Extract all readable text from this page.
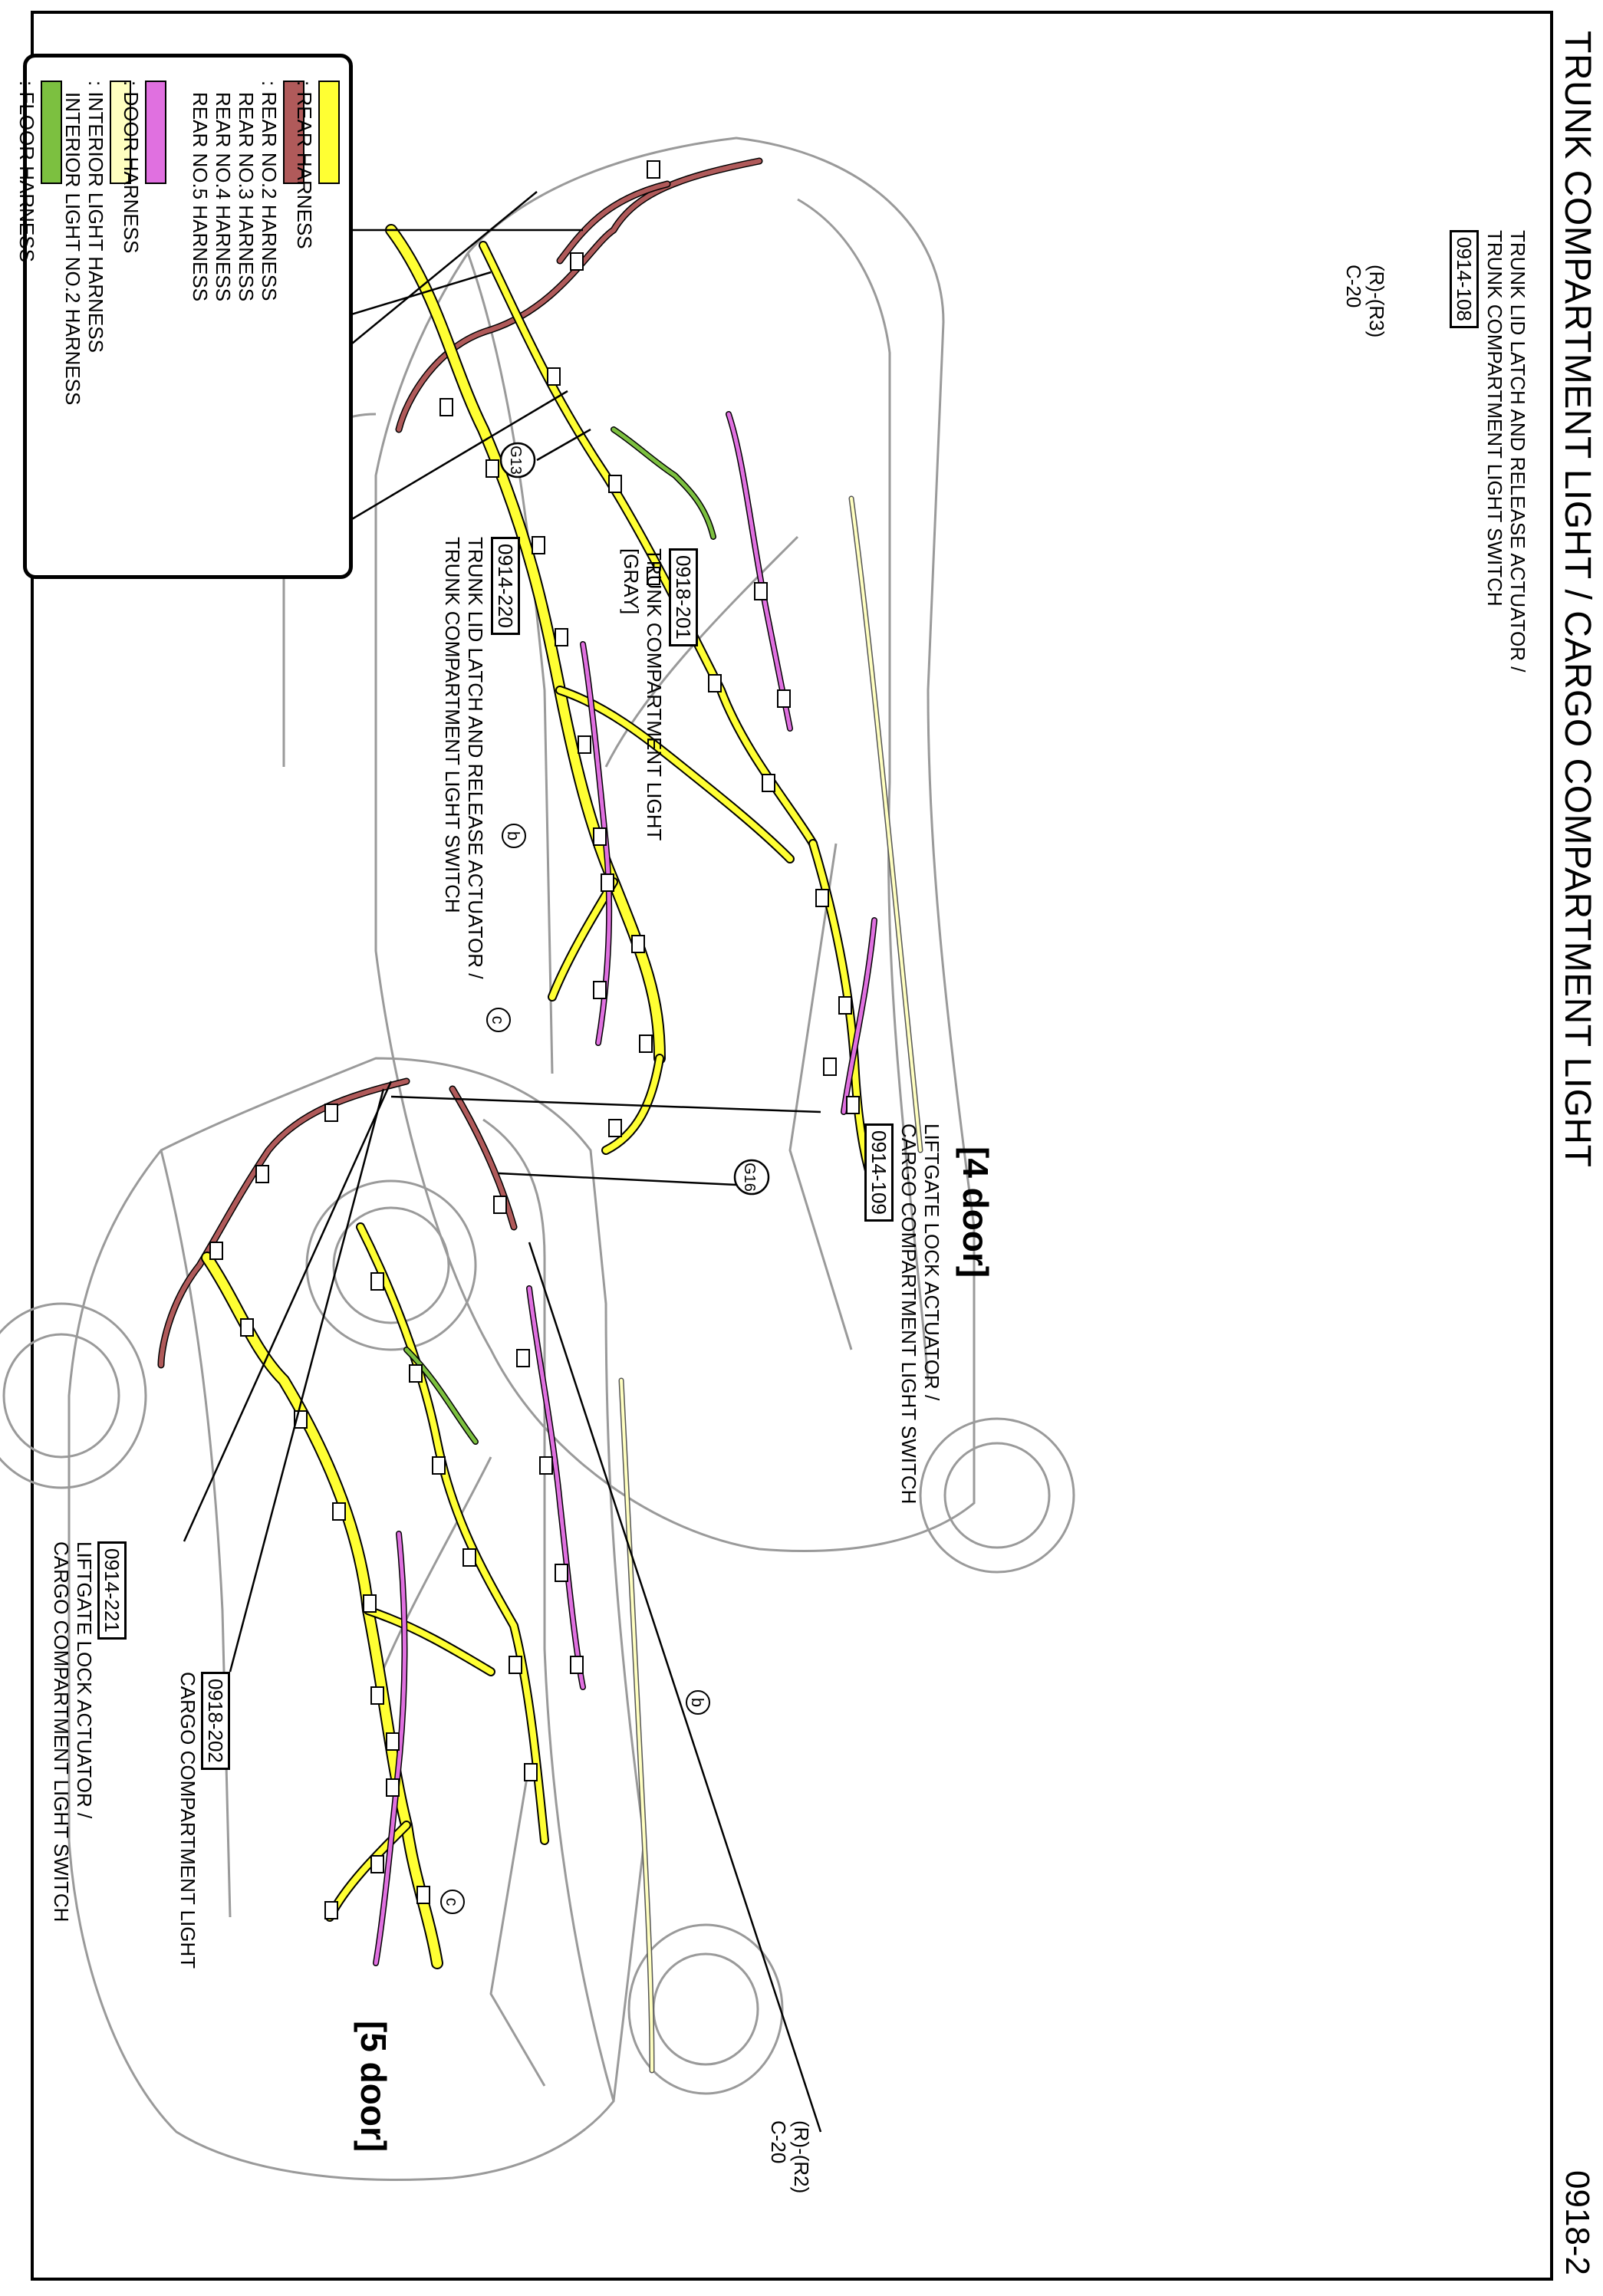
G13
b
c
G16
b
c
TRUNK COMPARTMENT LIGHT / CARGO COMPARTMENT LIGHT
0918-2
TRUNK LID LATCH AND RELEASE ACTUATOR /
TRUNK COMPARTMENT LIGHT SWITCH
0914-108
(R)-(R3)
C-20
0914-220
TRUNK LID LATCH AND RELEASE ACTUATOR /
TRUNK COMPARTMENT LIGHT SWITCH
0918-201
TRUNK COMPARTMENT LIGHT
[GRAY]
[4 door]
LIFTGATE LOCK ACTUATOR /
CARGO COMPARTMENT LIGHT SWITCH
0914-109
0914-221
LIFTGATE LOCK ACTUATOR /
CARGO COMPARTMENT LIGHT SWITCH
0918-202
CARGO COMPARTMENT LIGHT
(R)-(R2)
C-20
[5 door]
: REAR HARNESS
: REAR NO.2 HARNESS
REAR NO.3 HARNESS
REAR NO.4 HARNESS
REAR NO.5 HARNESS
: DOOR HARNESS
: INTERIOR LIGHT HARNESS
INTERIOR LIGHT NO.2 HARNESS
: FLOOR HARNESS
